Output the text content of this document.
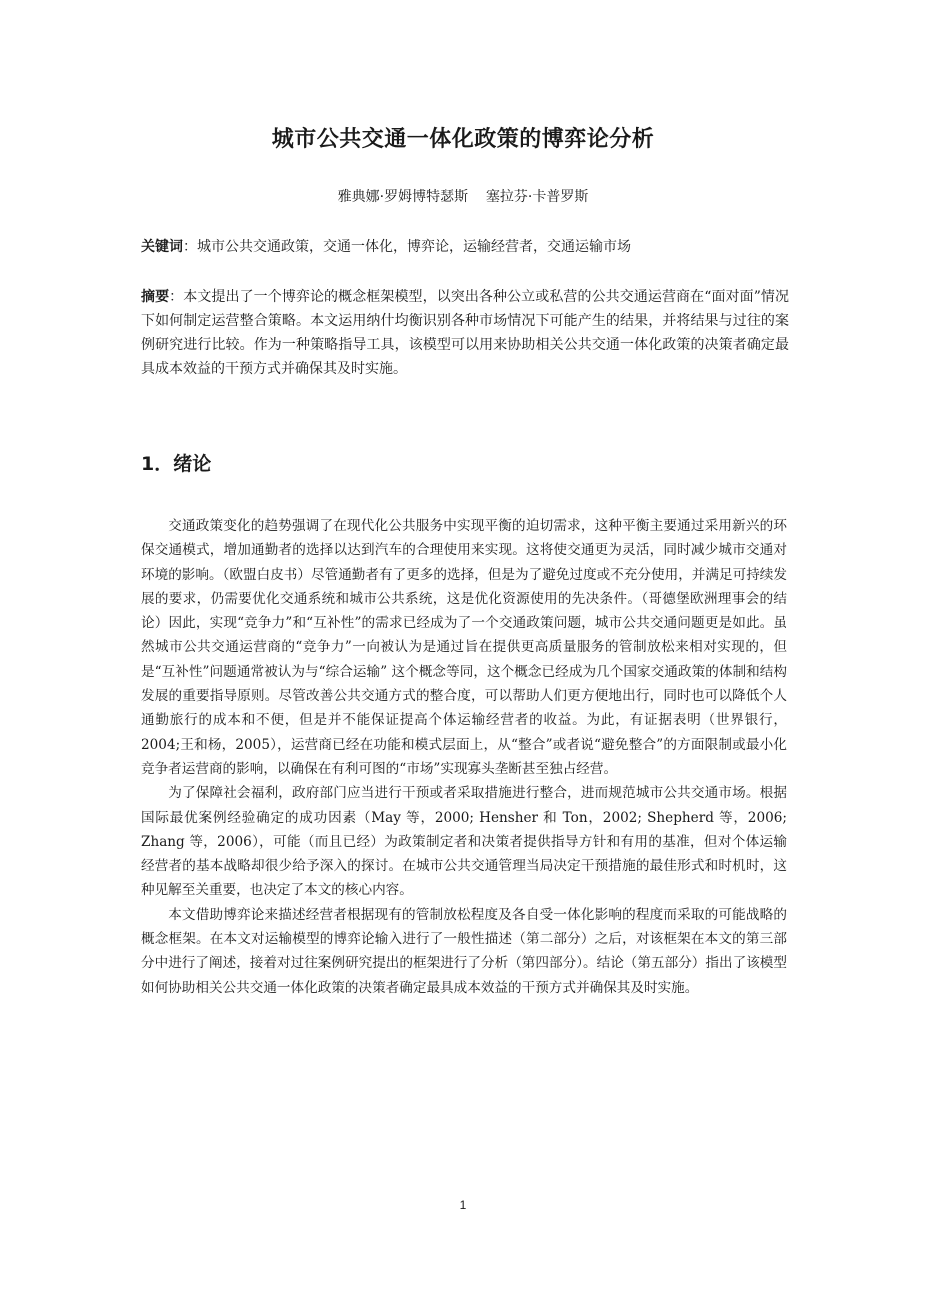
城市公共交通一体化政策的博弈论分析

雅典娜·罗姆博特瑟斯    塞拉芬·卡普罗斯

关键词：城市公共交通政策，交通一体化，博弈论，运输经营者，交通运输市场

摘要：本文提出了一个博弈论的概念框架模型，以突出各种公立或私营的公共交通运营商在“面对面”情况下如何制定运营整合策略。本文运用纳什均衡识别各种市场情况下可能产生的结果，并将结果与过往的案例研究进行比较。作为一种策略指导工具，该模型可以用来协助相关公共交通一体化政策的决策者确定最具成本效益的干预方式并确保其及时实施。

1．绪论

交通政策变化的趋势强调了在现代化公共服务中实现平衡的迫切需求，这种平衡主要通过采用新兴的环保交通模式，增加通勤者的选择以达到汽车的合理使用来实现。这将使交通更为灵活，同时减少城市交通对环境的影响。（欧盟白皮书）尽管通勤者有了更多的选择，但是为了避免过度或不充分使用，并满足可持续发展的要求，仍需要优化交通系统和城市公共系统，这是优化资源使用的先决条件。（哥德堡欧洲理事会的结论）因此，实现“竞争力”和“互补性”的需求已经成为了一个交通政策问题，城市公共交通问题更是如此。虽然城市公共交通运营商的“竞争力”一向被认为是通过旨在提供更高质量服务的管制放松来相对实现的，但是“互补性”问题通常被认为与“综合运输” 这个概念等同，这个概念已经成为几个国家交通政策的体制和结构发展的重要指导原则。尽管改善公共交通方式的整合度，可以帮助人们更方便地出行，同时也可以降低个人通勤旅行的成本和不便，但是并不能保证提高个体运输经营者的收益。为此，有证据表明（世界银行，2004;王和杨，2005），运营商已经在功能和模式层面上，从“整合”或者说“避免整合”的方面限制或最小化竞争者运营商的影响，以确保在有利可图的“市场”实现寡头垄断甚至独占经营。

为了保障社会福利，政府部门应当进行干预或者采取措施进行整合，进而规范城市公共交通市场。根据国际最优案例经验确定的成功因素（May 等，2000; Hensher 和 Ton，2002; Shepherd 等，2006; Zhang 等，2006），可能（而且已经）为政策制定者和决策者提供指导方针和有用的基准，但对个体运输经营者的基本战略却很少给予深入的探讨。在城市公共交通管理当局决定干预措施的最佳形式和时机时，这种见解至关重要，也决定了本文的核心内容。

本文借助博弈论来描述经营者根据现有的管制放松程度及各自受一体化影响的程度而采取的可能战略的概念框架。在本文对运输模型的博弈论输入进行了一般性描述（第二部分）之后，对该框架在本文的第三部分中进行了阐述，接着对过往案例研究提出的框架进行了分析（第四部分）。结论（第五部分）指出了该模型如何协助相关公共交通一体化政策的决策者确定最具成本效益的干预方式并确保其及时实施。

1
